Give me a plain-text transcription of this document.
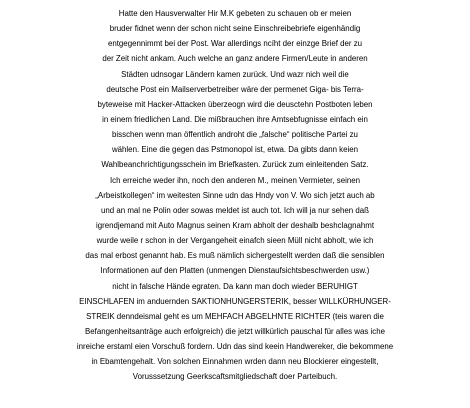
Hatte den Hausverwalter Hir M.K gebeten zu schauen ob er meien
bruder fidnet wenn der schon nicht seine Einschreibebriefe eigenhändig
entgegennimmt bei der Post. War allerdings ncíht der einzge Brief der zu
der Zeit nicht ankam. Auch welche an ganz andere Firmen/Leute in anderen
Städten udnsogar Ländern kamen zurück. Und wazr nich weil die
deutsche Post ein Mailserverbetreiber wäre der permenet Giga- bis Terra-
byteweise mit Hacker-Attacken überzeogn wird die deusctehn Postboten leben
in einem friedlichen Land. Die mißbrauchen ihre Amtsebfugnisse einfach ein
bisschen wenn man öffentlich androht die „falsche“ politische Partei zu
wählen. Eine die gegen das Pstmonopol ist, etwa. Da gibts dann keien
Wahlbeanchrichtigungsschein im Briefkasten. Zurück zum einleitenden Satz.
Ich erreiche weder ihn, noch den anderen M., meinen Vermieter, seinen
„Arbeistkollegen“ im weitesten Sinne udn das Hndy von V. Wo sich jetzt auch ab
und an mal ne Polin oder sowas meldet ist auch tot. Ich will ja nur sehen daß
igrendjemand mit Auto Magnus seinen Kram abholt der deshalb beshclagnahmt
wurde weile r schon in der Vergangeheit einafch sieen Müll nicht abholt, wie ich
das mal erbost genannt hab. Es muß nämlich sichergestellt werden daß die sensiblen
Informationen auf den Platten (unmengen Dienstaufsichtsbeschwerden usw.)
nicht in falsche Hände egraten. Da kann man doch wieder BERUHIGT
EINSCHLAFEN im anduernden SAKTIONHUNGERSTERIK, besser WILLKÜRHUNGER-
STREIK denndeismal geht es um MEHFACH ABGELHNTE RICHTER (teis waren die
Befangenheitsanträge auch erfolgreich) die jetzt willkürlich pauschal für alles was iche
inreiche erstaml eien Vorschuß fordern. Udn das sind keein Handwereker, die bekommene
in Ebamtengehalt. Von solchen Einnahmen wrden dann neu Blockierer eingestellt,
Vorusssetzung Geerkscaftsmitgliedschaft doer Parteibuch.
